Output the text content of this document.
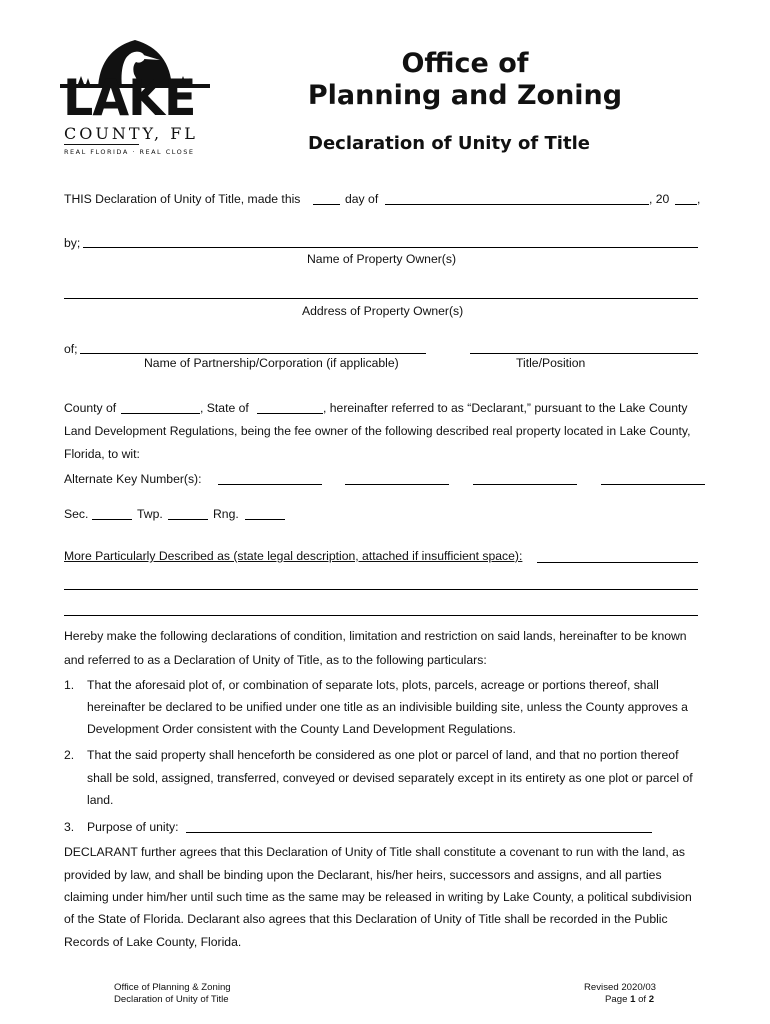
LAKE
COUNTY, FL
REAL FLORIDA · REAL CLOSE
Office of
Planning and Zoning
Declaration of Unity of Title
THIS Declaration of Unity of Title, made this	day of	, 20 ,
by;
Name of Property Owner(s)
Address of Property Owner(s)
of;
Name of Partnership/Corporation (if applicable)	Title/Position
County of	, State of	, hereinafter referred to as “Declarant,” pursuant to the Lake County
Land Development Regulations, being the fee owner of the following described real property located in Lake County,
Florida, to wit:
Alternate Key Number(s):
Sec.	Twp.	Rng.
More Particularly Described as (state legal description, attached if insufficient space):
Hereby make the following declarations of condition, limitation and restriction on said lands, hereinafter to be known
and referred to as a Declaration of Unity of Title, as to the following particulars:
1. That the aforesaid plot of, or combination of separate lots, plots, parcels, acreage or portions thereof, shall
hereinafter be declared to be unified under one title as an indivisible building site, unless the County approves a
Development Order consistent with the County Land Development Regulations.
2. That the said property shall henceforth be considered as one plot or parcel of land, and that no portion thereof
shall be sold, assigned, transferred, conveyed or devised separately except in its entirety as one plot or parcel of
land.
3. Purpose of unity:
DECLARANT further agrees that this Declaration of Unity of Title shall constitute a covenant to run with the land, as
provided by law, and shall be binding upon the Declarant, his/her heirs, successors and assigns, and all parties
claiming under him/her until such time as the same may be released in writing by Lake County, a political subdivision
of the State of Florida. Declarant also agrees that this Declaration of Unity of Title shall be recorded in the Public
Records of Lake County, Florida.
Office of Planning & Zoning
Declaration of Unity of Title
Revised 2020/03
Page 1 of 2
